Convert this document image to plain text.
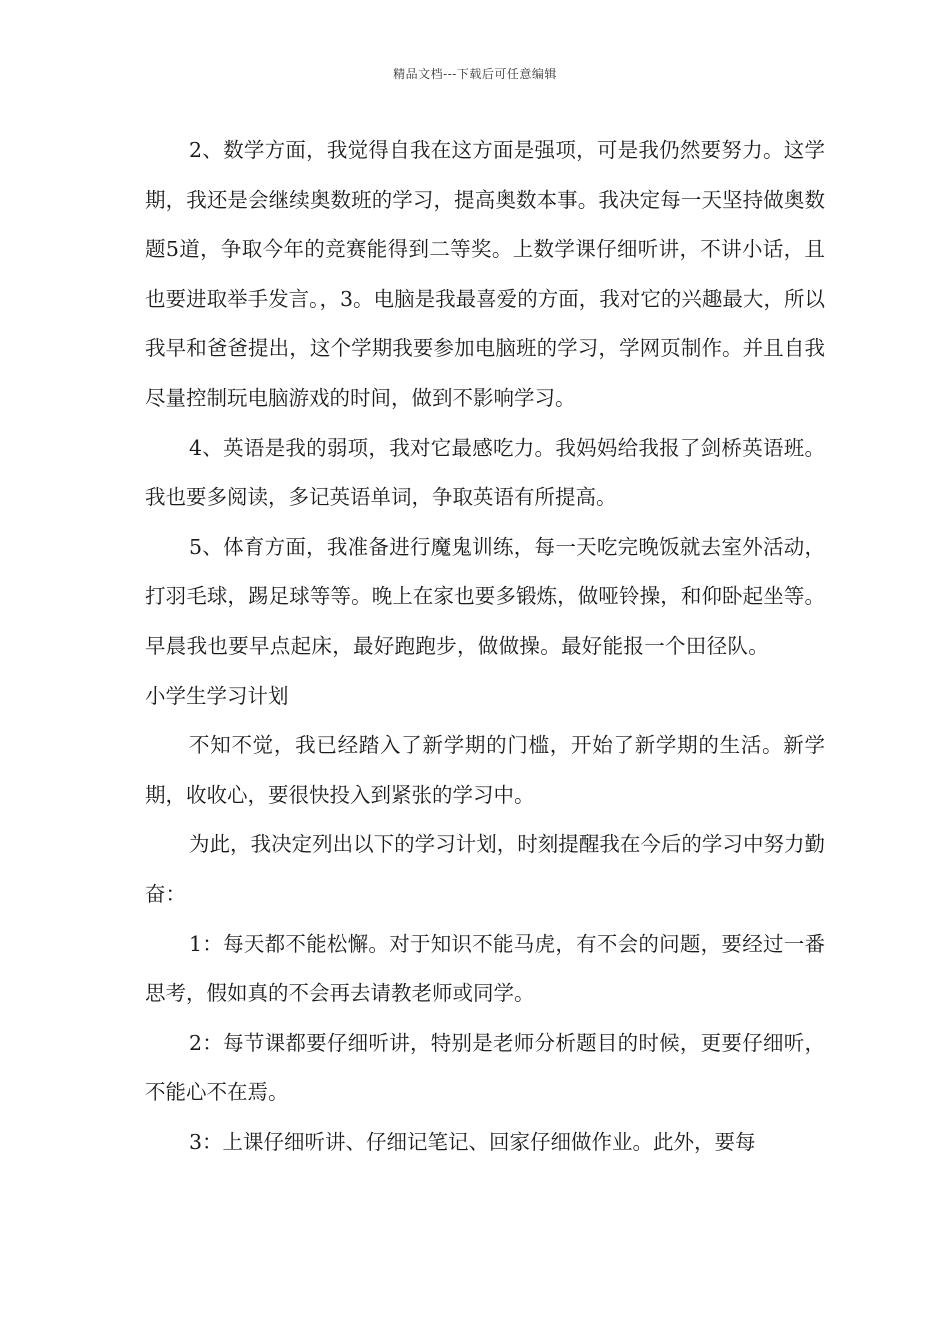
精品文档---下载后可任意编辑

2、数学方面，我觉得自我在这方面是强项，可是我仍然要努力。这学期，我还是会继续奥数班的学习，提高奥数本事。我决定每一天坚持做奥数题5道，争取今年的竞赛能得到二等奖。上数学课仔细听讲，不讲小话，且也要进取举手发言。，3。电脑是我最喜爱的方面，我对它的兴趣最大，所以我早和爸爸提出，这个学期我要参加电脑班的学习，学网页制作。并且自我尽量控制玩电脑游戏的时间，做到不影响学习。

4、英语是我的弱项，我对它最感吃力。我妈妈给我报了剑桥英语班。我也要多阅读，多记英语单词，争取英语有所提高。

5、体育方面，我准备进行魔鬼训练，每一天吃完晚饭就去室外活动，打羽毛球，踢足球等等。晚上在家也要多锻炼，做哑铃操，和仰卧起坐等。早晨我也要早点起床，最好跑跑步，做做操。最好能报一个田径队。小学生学习计划

不知不觉，我已经踏入了新学期的门槛，开始了新学期的生活。新学期，收收心，要很快投入到紧张的学习中。

为此，我决定列出以下的学习计划，时刻提醒我在今后的学习中努力勤奋：

1：每天都不能松懈。对于知识不能马虎，有不会的问题，要经过一番思考，假如真的不会再去请教老师或同学。

2：每节课都要仔细听讲，特别是老师分析题目的时候，更要仔细听，不能心不在焉。

3：上课仔细听讲、仔细记笔记、回家仔细做作业。此外，要每
